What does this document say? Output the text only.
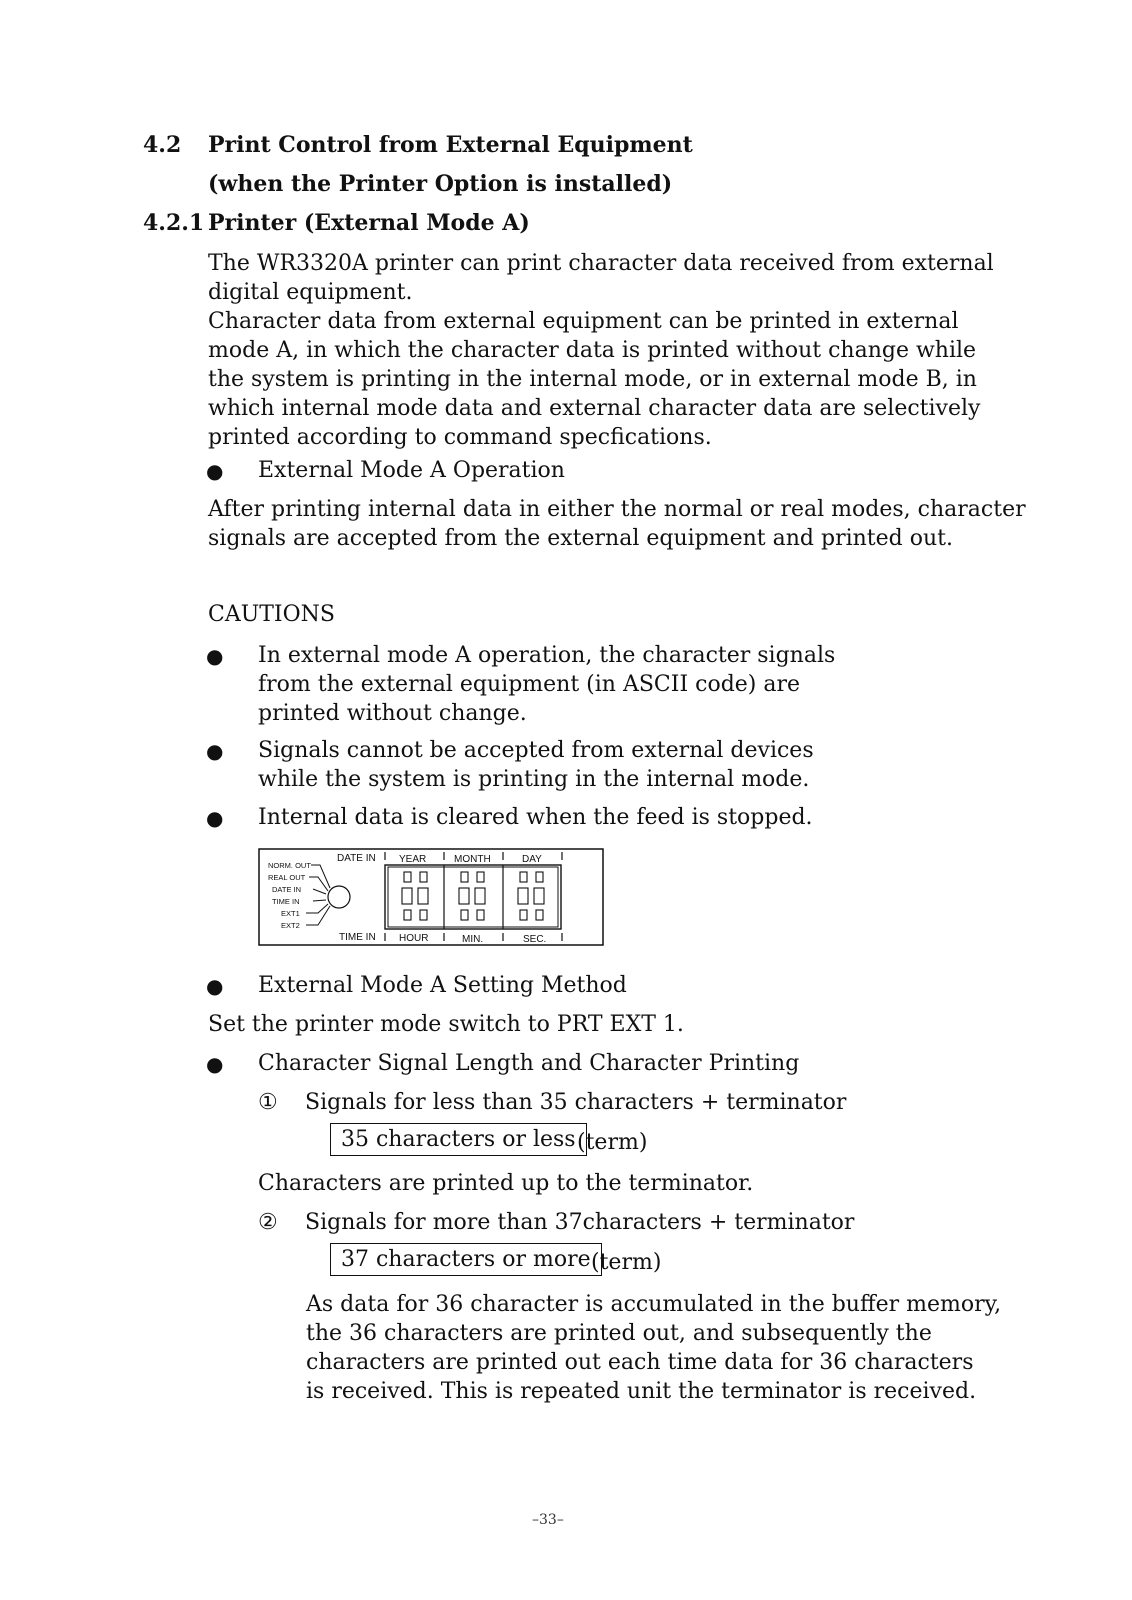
4.2 Print Control from External Equipment
(when the Printer Option is installed)
4.2.1 Printer (External Mode A)
The WR3320A printer can print character data received from external
digital equipment.
Character data from external equipment can be printed in external
mode A, in which the character data is printed without change while
the system is printing in the internal mode, or in external mode B, in
which internal mode data and external character data are selectively
printed according to command specfications.
● External Mode A Operation
After printing internal data in either the normal or real modes, character
signals are accepted from the external equipment and printed out.
CAUTIONS
● In external mode A operation, the character signals
from the external equipment (in ASCII code) are
printed without change.
● Signals cannot be accepted from external devices
while the system is printing in the internal mode.
● Internal data is cleared when the feed is stopped.
NORM. OUT
REAL OUT
DATE IN
TIME IN
EXT1
EXT2
DATE IN YEAR	MONTH	DAY
TIME IN HOUR	MIN.	SEC.
● External Mode A Setting Method
Set the printer mode switch to PRT EXT 1.
● Character Signal Length and Character Printing
① Signals for less than 35 characters + terminator
35 characters or less (term)
Characters are printed up to the terminator.
② Signals for more than 37characters + terminator
37 characters or more (term)
As data for 36 character is accumulated in the buffer memory,
the 36 characters are printed out, and subsequently the
characters are printed out each time data for 36 characters
is received. This is repeated unit the terminator is received.
–33–
